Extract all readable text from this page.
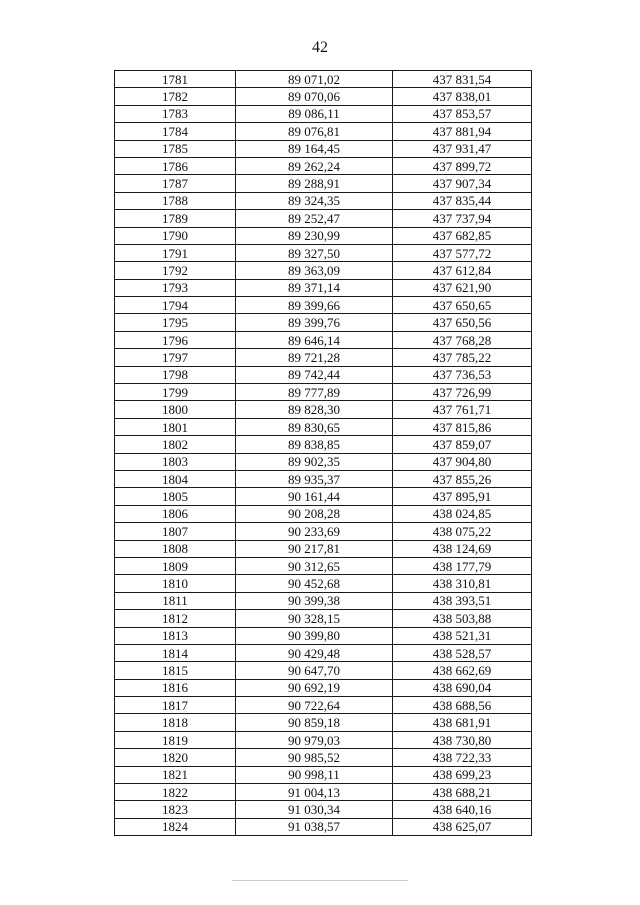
42
1781	89 071,02	437 831,54
1782	89 070,06	437 838,01
1783	89 086,11	437 853,57
1784	89 076,81	437 881,94
1785	89 164,45	437 931,47
1786	89 262,24	437 899,72
1787	89 288,91	437 907,34
1788	89 324,35	437 835,44
1789	89 252,47	437 737,94
1790	89 230,99	437 682,85
1791	89 327,50	437 577,72
1792	89 363,09	437 612,84
1793	89 371,14	437 621,90
1794	89 399,66	437 650,65
1795	89 399,76	437 650,56
1796	89 646,14	437 768,28
1797	89 721,28	437 785,22
1798	89 742,44	437 736,53
1799	89 777,89	437 726,99
1800	89 828,30	437 761,71
1801	89 830,65	437 815,86
1802	89 838,85	437 859,07
1803	89 902,35	437 904,80
1804	89 935,37	437 855,26
1805	90 161,44	437 895,91
1806	90 208,28	438 024,85
1807	90 233,69	438 075,22
1808	90 217,81	438 124,69
1809	90 312,65	438 177,79
1810	90 452,68	438 310,81
1811	90 399,38	438 393,51
1812	90 328,15	438 503,88
1813	90 399,80	438 521,31
1814	90 429,48	438 528,57
1815	90 647,70	438 662,69
1816	90 692,19	438 690,04
1817	90 722,64	438 688,56
1818	90 859,18	438 681,91
1819	90 979,03	438 730,80
1820	90 985,52	438 722,33
1821	90 998,11	438 699,23
1822	91 004,13	438 688,21
1823	91 030,34	438 640,16
1824	91 038,57	438 625,07
